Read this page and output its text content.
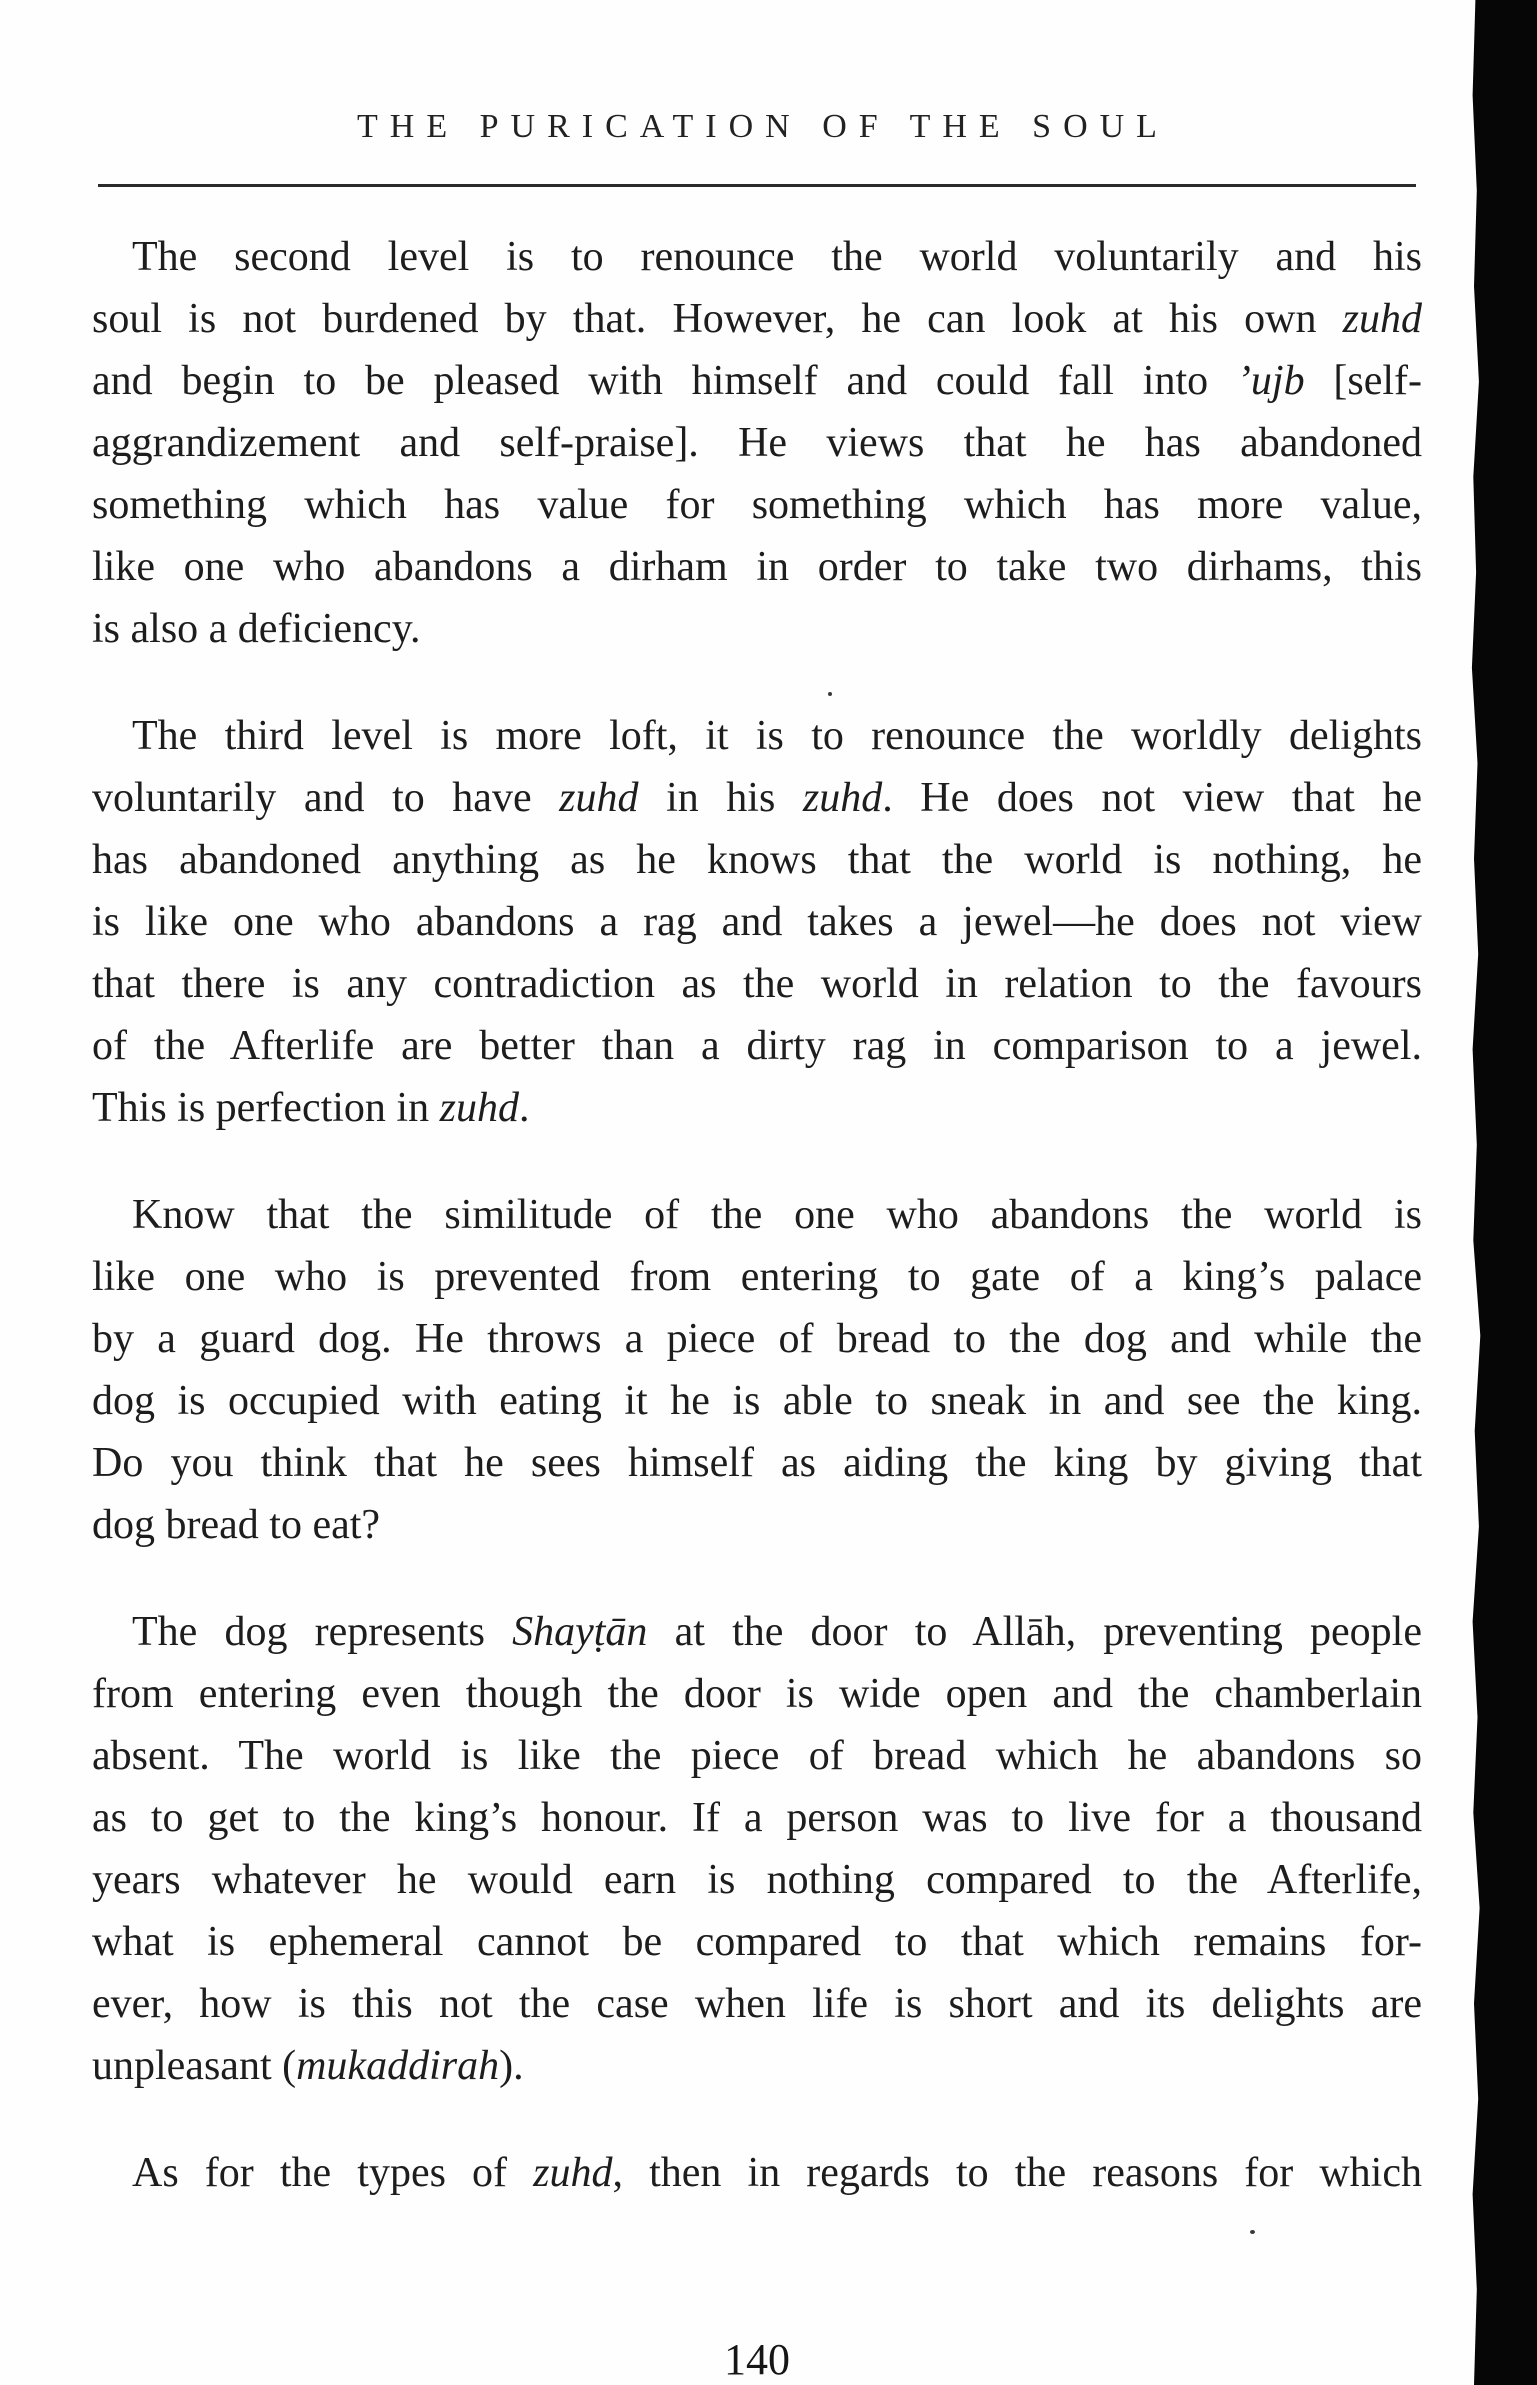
THE PURICATION OF THE SOUL
The second level is to renounce the world voluntarily and his
soul is not burdened by that. However, he can look at his own zuhd
and begin to be pleased with himself and could fall into ’ujb [self-
aggrandizement and self-praise]. He views that he has abandoned
something which has value for something which has more value,
like one who abandons a dirham in order to take two dirhams, this
is also a deficiency.
The third level is more loft, it is to renounce the worldly delights
voluntarily and to have zuhd in his zuhd. He does not view that he
has abandoned anything as he knows that the world is nothing, he
is like one who abandons a rag and takes a jewel—he does not view
that there is any contradiction as the world in relation to the favours
of the Afterlife are better than a dirty rag in comparison to a jewel.
This is perfection in zuhd.
Know that the similitude of the one who abandons the world is
like one who is prevented from entering to gate of a king’s palace
by a guard dog. He throws a piece of bread to the dog and while the
dog is occupied with eating it he is able to sneak in and see the king.
Do you think that he sees himself as aiding the king by giving that
dog bread to eat?
The dog represents Shayṭān at the door to Allāh, preventing people
from entering even though the door is wide open and the chamberlain
absent. The world is like the piece of bread which he abandons so
as to get to the king’s honour. If a person was to live for a thousand
years whatever he would earn is nothing compared to the Afterlife,
what is ephemeral cannot be compared to that which remains for-
ever, how is this not the case when life is short and its delights are
unpleasant (mukaddirah).
As for the types of zuhd, then in regards to the reasons for which
140
